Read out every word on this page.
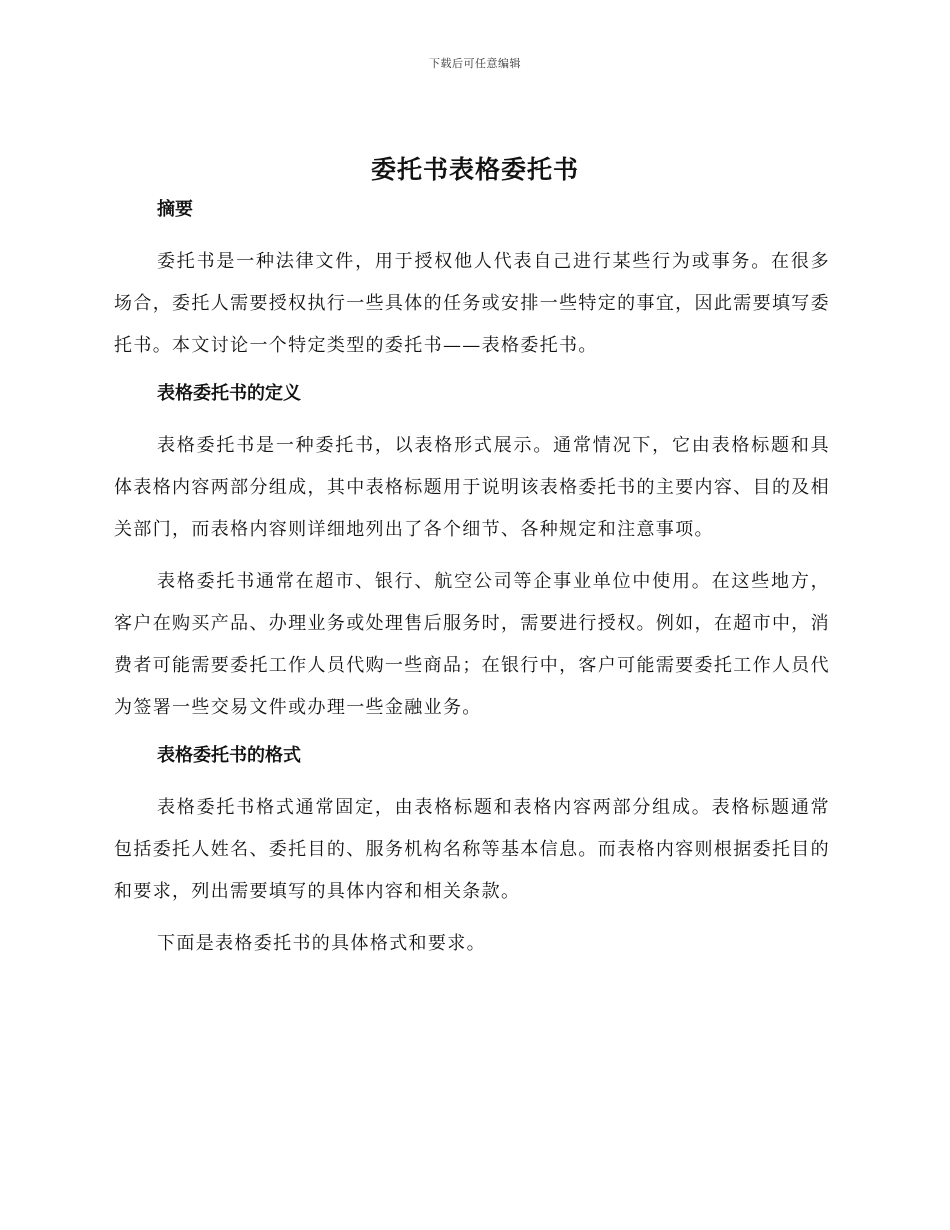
下载后可任意编辑
委托书表格委托书
摘要

委托书是一种法律文件，用于授权他人代表自己进行某些行为或事务。在很多场合，委托人需要授权执行一些具体的任务或安排一些特定的事宜，因此需要填写委托书。本文讨论一个特定类型的委托书——表格委托书。

表格委托书的定义

表格委托书是一种委托书，以表格形式展示。通常情况下，它由表格标题和具体表格内容两部分组成，其中表格标题用于说明该表格委托书的主要内容、目的及相关部门，而表格内容则详细地列出了各个细节、各种规定和注意事项。

表格委托书通常在超市、银行、航空公司等企事业单位中使用。在这些地方，客户在购买产品、办理业务或处理售后服务时，需要进行授权。例如，在超市中，消费者可能需要委托工作人员代购一些商品；在银行中，客户可能需要委托工作人员代为签署一些交易文件或办理一些金融业务。

表格委托书的格式

表格委托书格式通常固定，由表格标题和表格内容两部分组成。表格标题通常包括委托人姓名、委托目的、服务机构名称等基本信息。而表格内容则根据委托目的和要求，列出需要填写的具体内容和相关条款。

下面是表格委托书的具体格式和要求。
